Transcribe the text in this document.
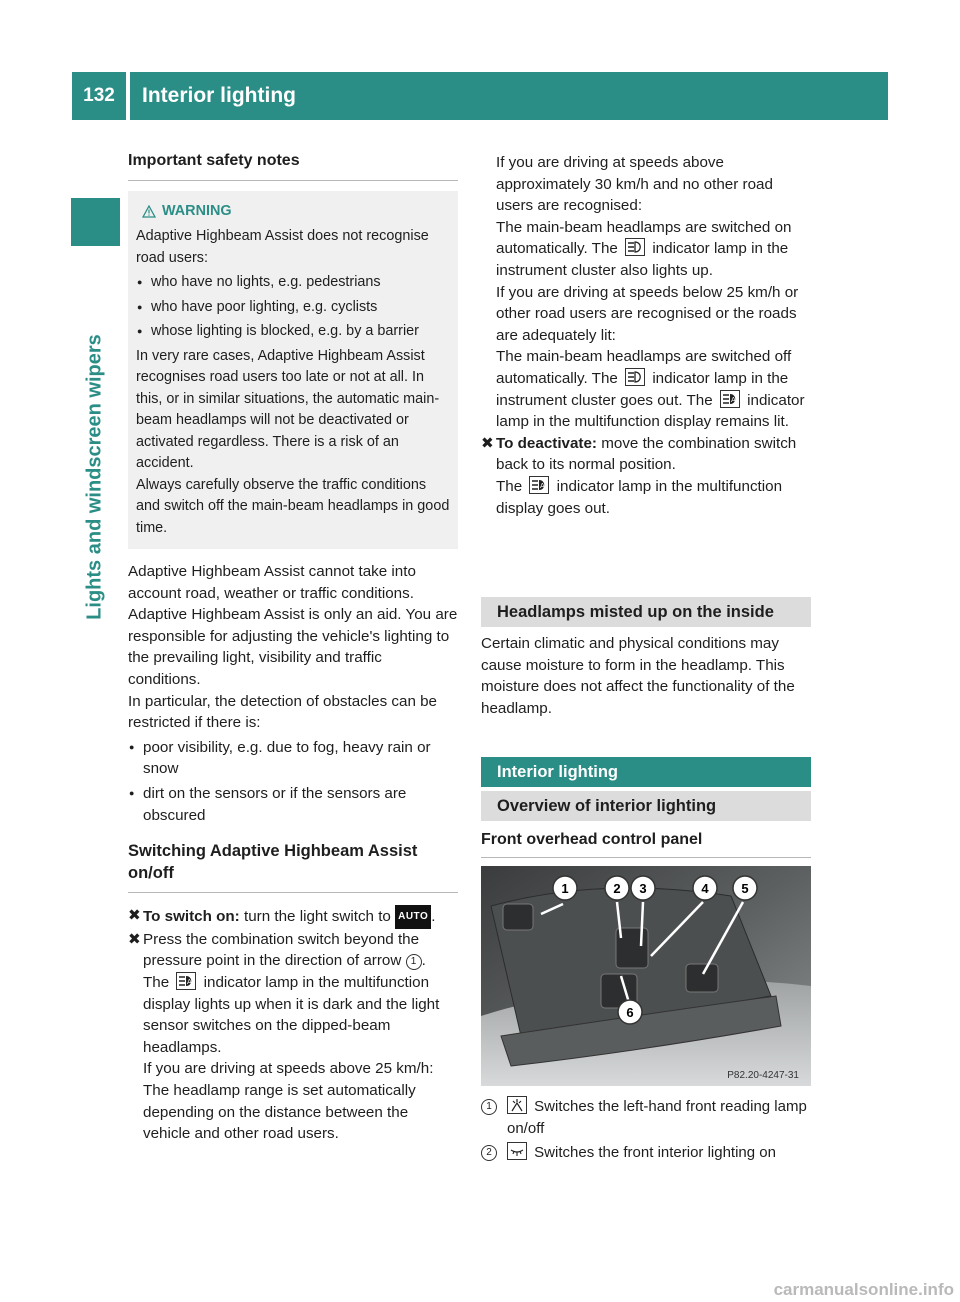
132	Interior lighting
Lights and windscreen wipers
Important safety notes
WARNING

Adaptive Highbeam Assist does not recognise road users:

● who have no lights, e.g. pedestrians
● who have poor lighting, e.g. cyclists
● whose lighting is blocked, e.g. by a barrier

In very rare cases, Adaptive Highbeam Assist recognises road users too late or not at all. In this, or in similar situations, the automatic main-beam headlamps will not be deactivated or activated regardless. There is a risk of an accident.

Always carefully observe the traffic conditions and switch off the main-beam headlamps in good time.

Adaptive Highbeam Assist cannot take into account road, weather or traffic conditions. Adaptive Highbeam Assist is only an aid. You are responsible for adjusting the vehicle's lighting to the prevailing light, visibility and traffic conditions.

In particular, the detection of obstacles can be restricted if there is:

● poor visibility, e.g. due to fog, heavy rain or snow
● dirt on the sensors or if the sensors are obscured
Switching Adaptive Highbeam Assist on/off
✖ To switch on: turn the light switch to AUTO .
✖ Press the combination switch beyond the pressure point in the direction of arrow 1 .

The	A indicator lamp in the multifunction display lights up when it is dark and the light sensor switches on the dipped-beam headlamps.

If you are driving at speeds above 25 km/h:

The headlamp range is set automatically depending on the distance between the vehicle and other road users.

If you are driving at speeds above approximately 30 km/h and no other road users are recognised:

The main-beam headlamps are switched on automatically. The indicator lamp in the instrument cluster also lights up.

If you are driving at speeds below 25 km/h or other road users are recognised or the roads are adequately lit:

The main-beam headlamps are switched off automatically. The indicator lamp in the instrument cluster goes out. The	A indicator lamp in the multifunction display remains lit.

✖ To deactivate: move the combination switch back to its normal position.

The	A indicator lamp in the multifunction display goes out.

Headlamps misted up on the inside

Certain climatic and physical conditions may cause moisture to form in the headlamp. This moisture does not affect the functionality of the headlamp.

Interior lighting
Overview of interior lighting
Front overhead control panel
1	2 3	4	5
6
P82.20-4247-31
1	Switches the left-hand front reading lamp on/off
2	Switches the front interior lighting on
carmanualsonline.info
